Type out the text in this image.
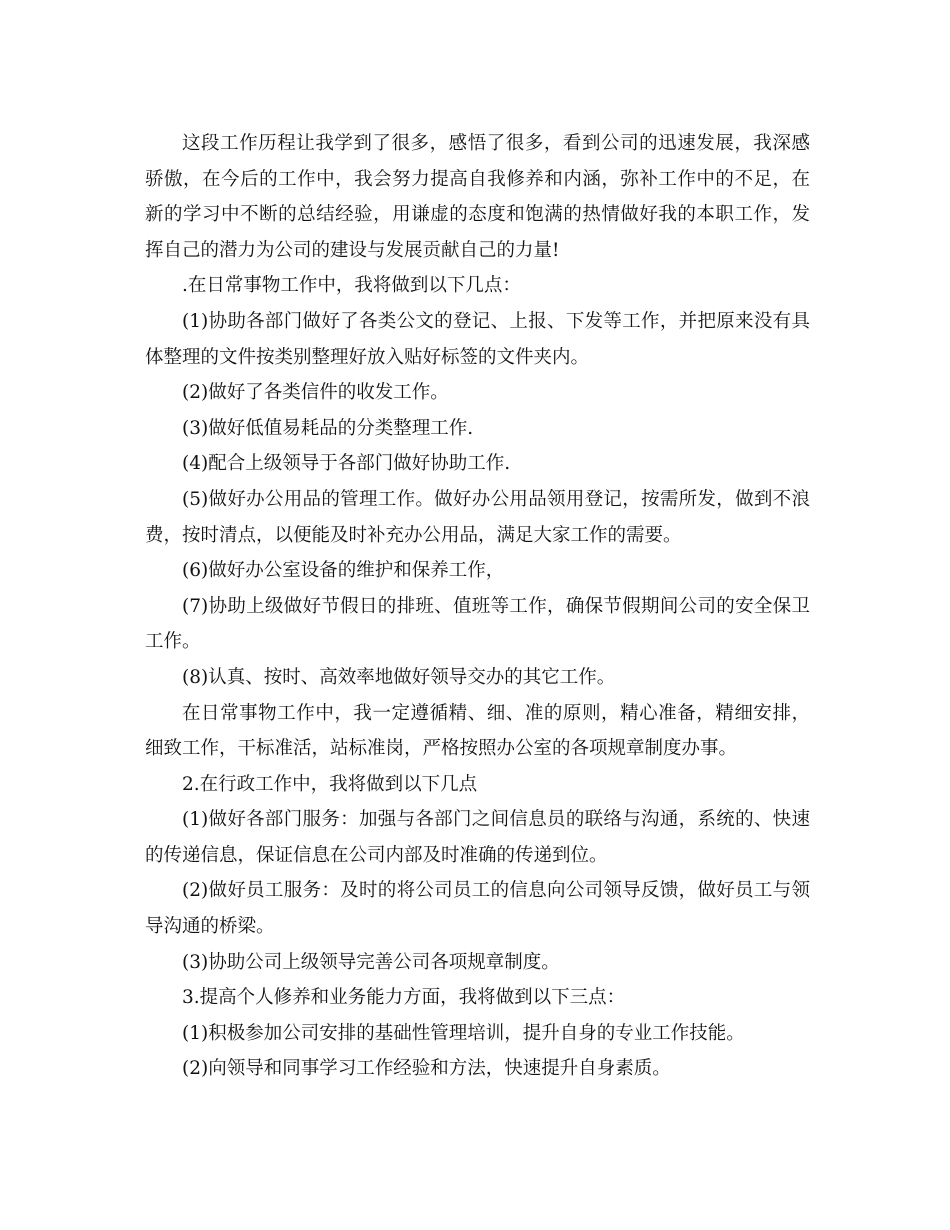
这段工作历程让我学到了很多，感悟了很多，看到公司的迅速发展，我深感骄傲，在今后的工作中，我会努力提高自我修养和内涵，弥补工作中的不足，在新的学习中不断的总结经验，用谦虚的态度和饱满的热情做好我的本职工作，发挥自己的潜力为公司的建设与发展贡献自己的力量!

.在日常事物工作中，我将做到以下几点：

(1)协助各部门做好了各类公文的登记、上报、下发等工作，并把原来没有具体整理的文件按类别整理好放入贴好标签的文件夹内。

(2)做好了各类信件的收发工作。

(3)做好低值易耗品的分类整理工作.

(4)配合上级领导于各部门做好协助工作.

(5)做好办公用品的管理工作。做好办公用品领用登记，按需所发，做到不浪费，按时清点，以便能及时补充办公用品，满足大家工作的需要。

(6)做好办公室设备的维护和保养工作，

(7)协助上级做好节假日的排班、值班等工作，确保节假期间公司的安全保卫工作。

(8)认真、按时、高效率地做好领导交办的其它工作。

在日常事物工作中，我一定遵循精、细、准的原则，精心准备，精细安排，细致工作，干标准活，站标准岗，严格按照办公室的各项规章制度办事。

2.在行政工作中，我将做到以下几点

(1)做好各部门服务：加强与各部门之间信息员的联络与沟通，系统的、快速的传递信息，保证信息在公司内部及时准确的传递到位。

(2)做好员工服务：及时的将公司员工的信息向公司领导反馈，做好员工与领导沟通的桥梁。

(3)协助公司上级领导完善公司各项规章制度。

3.提高个人修养和业务能力方面，我将做到以下三点：

(1)积极参加公司安排的基础性管理培训，提升自身的专业工作技能。

(2)向领导和同事学习工作经验和方法，快速提升自身素质。
